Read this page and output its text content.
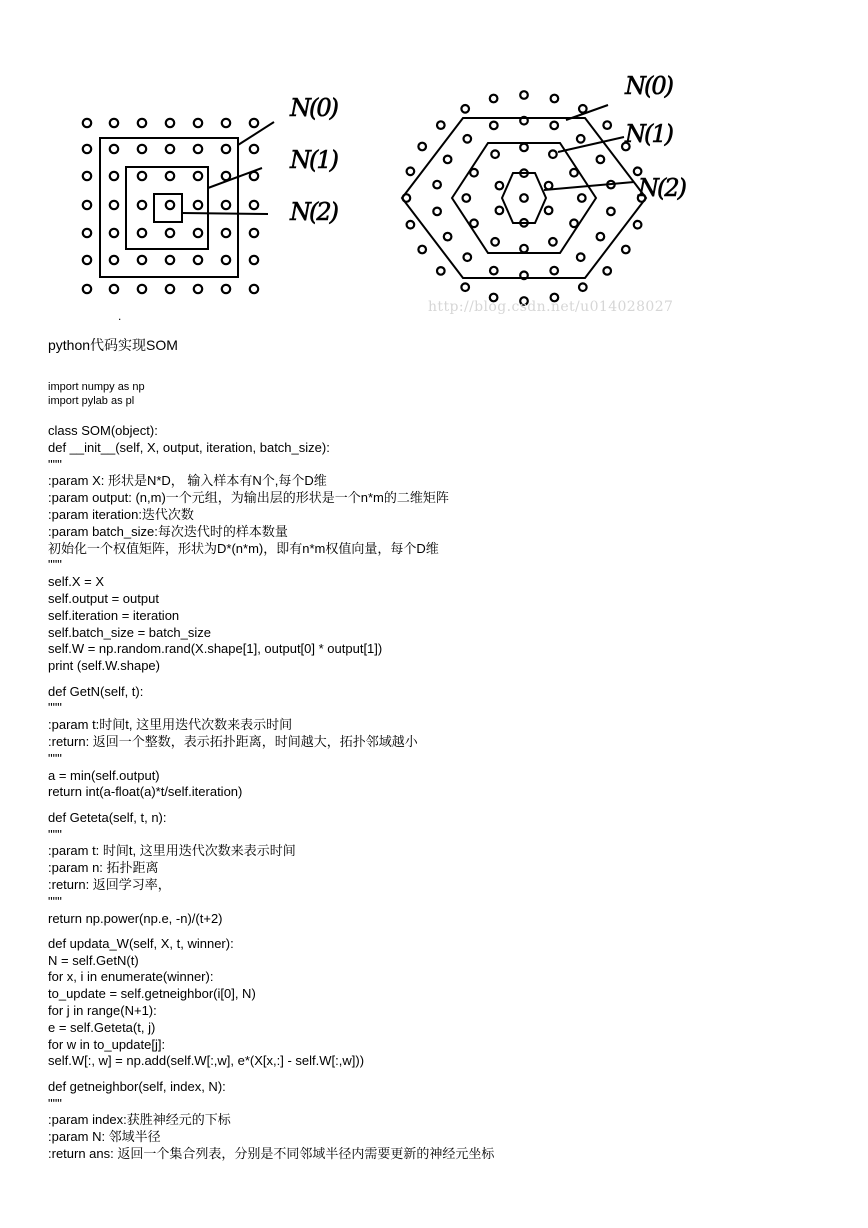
N(0)
N(1)
N(2)
N(0)
N(1)
N(2)
http://blog.csdn.net/u014028027
.
python代码实现SOM
import numpy as np
import pylab as pl
class SOM(object):
def __init__(self, X, output, iteration, batch_size):
"""
:param X: 形状是N*D， 输入样本有N个,每个D维
:param output: (n,m)一个元组，为输出层的形状是一个n*m的二维矩阵
:param iteration:迭代次数
:param batch_size:每次迭代时的样本数量
初始化一个权值矩阵，形状为D*(n*m)，即有n*m权值向量，每个D维
"""
self.X = X
self.output = output
self.iteration = iteration
self.batch_size = batch_size
self.W = np.random.rand(X.shape[1], output[0] * output[1])
print (self.W.shape)
def GetN(self, t):
"""
:param t:时间t, 这里用迭代次数来表示时间
:return: 返回一个整数，表示拓扑距离，时间越大，拓扑邻域越小
"""
a = min(self.output)
return int(a-float(a)*t/self.iteration)
def Geteta(self, t, n):
"""
:param t: 时间t, 这里用迭代次数来表示时间
:param n: 拓扑距离
:return: 返回学习率，
"""
return np.power(np.e, -n)/(t+2)
def updata_W(self, X, t, winner):
N = self.GetN(t)
for x, i in enumerate(winner):
to_update = self.getneighbor(i[0], N)
for j in range(N+1):
e = self.Geteta(t, j)
for w in to_update[j]:
self.W[:, w] = np.add(self.W[:,w], e*(X[x,:] - self.W[:,w]))
def getneighbor(self, index, N):
"""
:param index:获胜神经元的下标
:param N: 邻域半径
:return ans: 返回一个集合列表，分别是不同邻域半径内需要更新的神经元坐标
